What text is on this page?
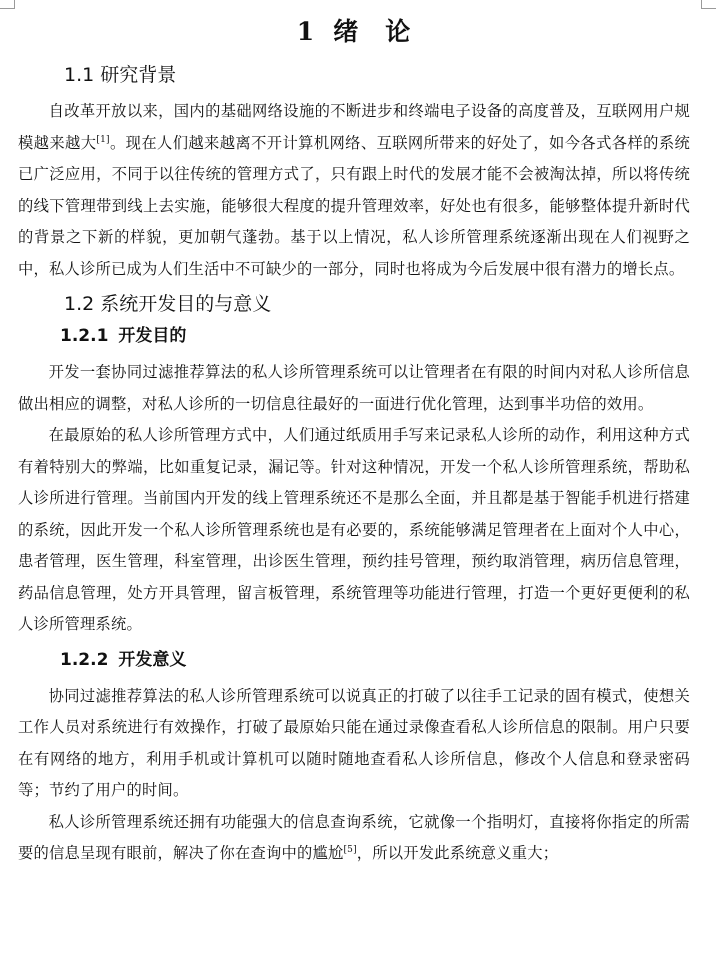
1 绪 论
1.1 研究背景

自改革开放以来，国内的基础网络设施的不断进步和终端电子设备的高度普及，互联网用户规模越来越大[1]。现在人们越来越离不开计算机网络、互联网所带来的好处了，如今各式各样的系统已广泛应用，不同于以往传统的管理方式了，只有跟上时代的发展才能不会被淘汰掉，所以将传统的线下管理带到线上去实施，能够很大程度的提升管理效率，好处也有很多，能够整体提升新时代的背景之下新的样貌，更加朝气蓬勃。基于以上情况，私人诊所管理系统逐渐出现在人们视野之中，私人诊所已成为人们生活中不可缺少的一部分，同时也将成为今后发展中很有潜力的增长点。

1.2 系统开发目的与意义
1.2.1 开发目的

开发一套协同过滤推荐算法的私人诊所管理系统可以让管理者在有限的时间内对私人诊所信息做出相应的调整，对私人诊所的一切信息往最好的一面进行优化管理，达到事半功倍的效用。

在最原始的私人诊所管理方式中，人们通过纸质用手写来记录私人诊所的动作，利用这种方式有着特别大的弊端，比如重复记录，漏记等。针对这种情况，开发一个私人诊所管理系统，帮助私人诊所进行管理。当前国内开发的线上管理系统还不是那么全面，并且都是基于智能手机进行搭建的系统，因此开发一个私人诊所管理系统也是有必要的，系统能够满足管理者在上面对个人中心，患者管理，医生管理，科室管理，出诊医生管理，预约挂号管理，预约取消管理，病历信息管理，药品信息管理，处方开具管理，留言板管理，系统管理等功能进行管理，打造一个更好更便利的私人诊所管理系统。

1.2.2 开发意义

协同过滤推荐算法的私人诊所管理系统可以说真正的打破了以往手工记录的固有模式，使想关工作人员对系统进行有效操作，打破了最原始只能在通过录像查看私人诊所信息的限制。用户只要在有网络的地方，利用手机或计算机可以随时随地查看私人诊所信息，修改个人信息和登录密码等；节约了用户的时间。

私人诊所管理系统还拥有功能强大的信息查询系统，它就像一个指明灯，直接将你指定的所需要的信息呈现有眼前，解决了你在查询中的尴尬[5]，所以开发此系统意义重大；
